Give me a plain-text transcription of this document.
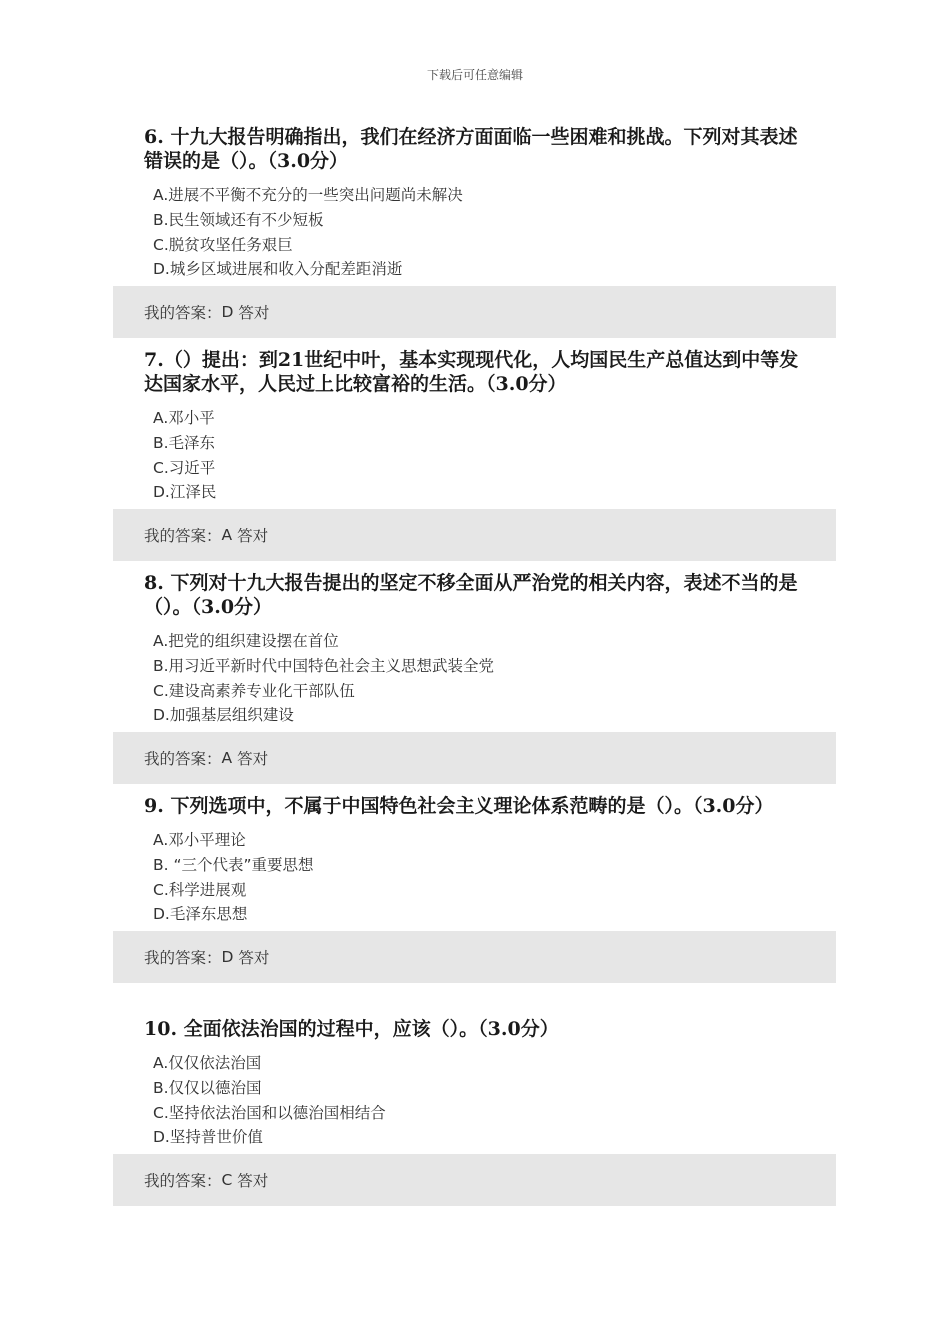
下载后可任意编辑
6. 十九大报告明确指出，我们在经济方面面临一些困难和挑战。下列对其表述错误的是（）。（3.0分）
A.进展不平衡不充分的一些突出问题尚未解决
B.民生领域还有不少短板
C.脱贫攻坚任务艰巨
D.城乡区域进展和收入分配差距消逝
我的答案： D
答对
7.（）提出：到21世纪中叶，基本实现现代化，人均国民生产总值达到中等发达国家水平，人民过上比较富裕的生活。（3.0分）
A.邓小平
B.毛泽东
C.习近平
D.江泽民
我的答案： A
答对
8. 下列对十九大报告提出的坚定不移全面从严治党的相关内容，表述不当的是（）。（3.0分）
A.把党的组织建设摆在首位
B.用习近平新时代中国特色社会主义思想武装全党
C.建设高素养专业化干部队伍
D.加强基层组织建设
我的答案： A
答对
9. 下列选项中，不属于中国特色社会主义理论体系范畴的是（）。（3.0分）
A.邓小平理论
B. “三个代表”重要思想
C.科学进展观
D.毛泽东思想
我的答案： D
答对
10. 全面依法治国的过程中，应该（）。（3.0分）
A.仅仅依法治国
B.仅仅以德治国
C.坚持依法治国和以德治国相结合
D.坚持普世价值
我的答案： C
答对
